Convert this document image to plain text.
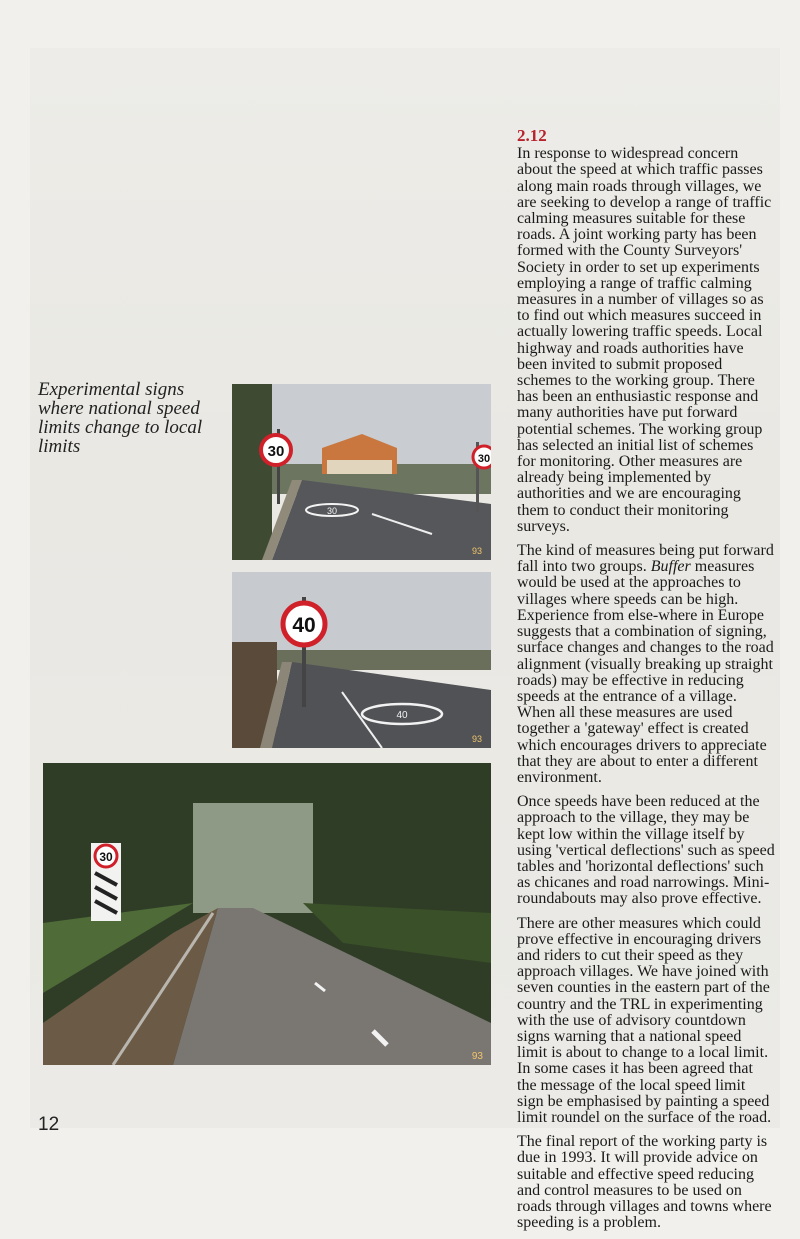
Experimental signs where national speed limits change to local limits	30	30
30
93
40
40
93
30
93
2.12

In response to widespread concern about the speed at which traffic passes along main roads through villages, we are seeking to develop a range of traffic calming measures suitable for these roads. A joint working party has been formed with the County Surveyors' Society in order to set up experiments employing a range of traffic calming measures in a number of villages so as to find out which measures succeed in actually lowering traffic speeds. Local highway and roads authorities have been invited to submit proposed schemes to the working group. There has been an enthusiastic response and many authorities have put forward potential schemes. The working group has selected an initial list of schemes for monitoring. Other measures are already being implemented by authorities and we are encouraging them to conduct their monitoring surveys.

The kind of measures being put forward fall into two groups. Buffer measures would be used at the approaches to villages where speeds can be high. Experience from else-where in Europe suggests that a combination of signing, surface changes and changes to the road alignment (visually breaking up straight roads) may be effective in reducing speeds at the entrance of a village. When all these measures are used together a 'gateway' effect is created which encourages drivers to appreciate that they are about to enter a different environment.

Once speeds have been reduced at the approach to the village, they may be kept low within the village itself by using 'vertical deflections' such as speed tables and 'horizontal deflections' such as chicanes and road narrowings. Mini-roundabouts may also prove effective.

There are other measures which could prove effective in encouraging drivers and riders to cut their speed as they approach villages. We have joined with seven counties in the eastern part of the country and the TRL in experimenting with the use of advisory countdown signs warning that a national speed limit is about to change to a local limit. In some cases it has been agreed that the message of the local speed limit sign be emphasised by painting a speed limit roundel on the surface of the road.

The final report of the working party is due in 1993. It will provide advice on suitable and effective speed reducing and control measures to be used on roads through villages and towns where speeding is a problem.

12
